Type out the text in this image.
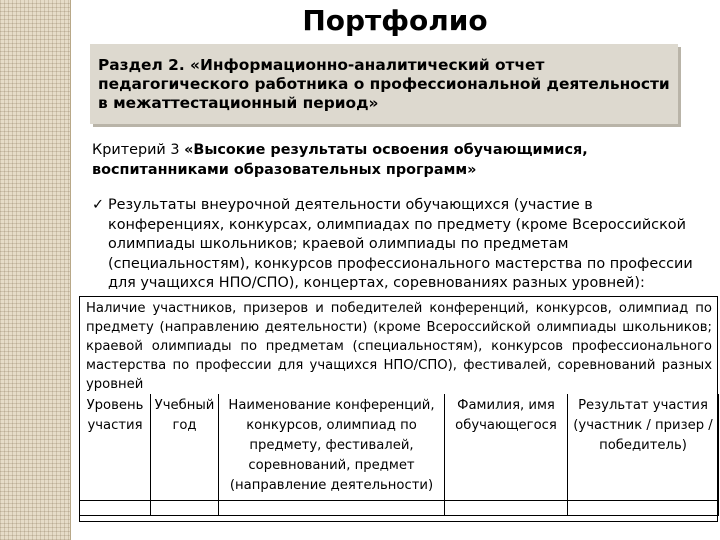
Портфолио
Раздел 2. «Информационно-аналитический отчет
педагогического работника о профессиональной деятельности
в межаттестационный период»
Критерий 3 «Высокие результаты освоения обучающимися, воспитанниками образовательных программ»
✓ Результаты внеурочной деятельности обучающихся (участие в конференциях, конкурсах, олимпиадах по предмету (кроме Всероссийской олимпиады школьников; краевой олимпиады по предметам (специальностям), конкурсов профессионального мастерства по профессии для учащихся НПО/СПО), концертах, соревнованиях разных уровней):
Наличие участников, призеров и победителей конференций, конкурсов, олимпиад по предмету (направлению деятельности) (кроме Всероссийской олимпиады школьников; краевой олимпиады по предметам (специальностям), конкурсов профессионального мастерства по профессии для учащихся НПО/СПО), фестивалей, соревнований разных уровней
Уровень участия	Учебный год	Наименование конференций, конкурсов, олимпиад по предмету, фестивалей, соревнований, предмет (направление деятельности)	Фамилия, имя обучающегося	Результат участия (участник / призер / победитель)
